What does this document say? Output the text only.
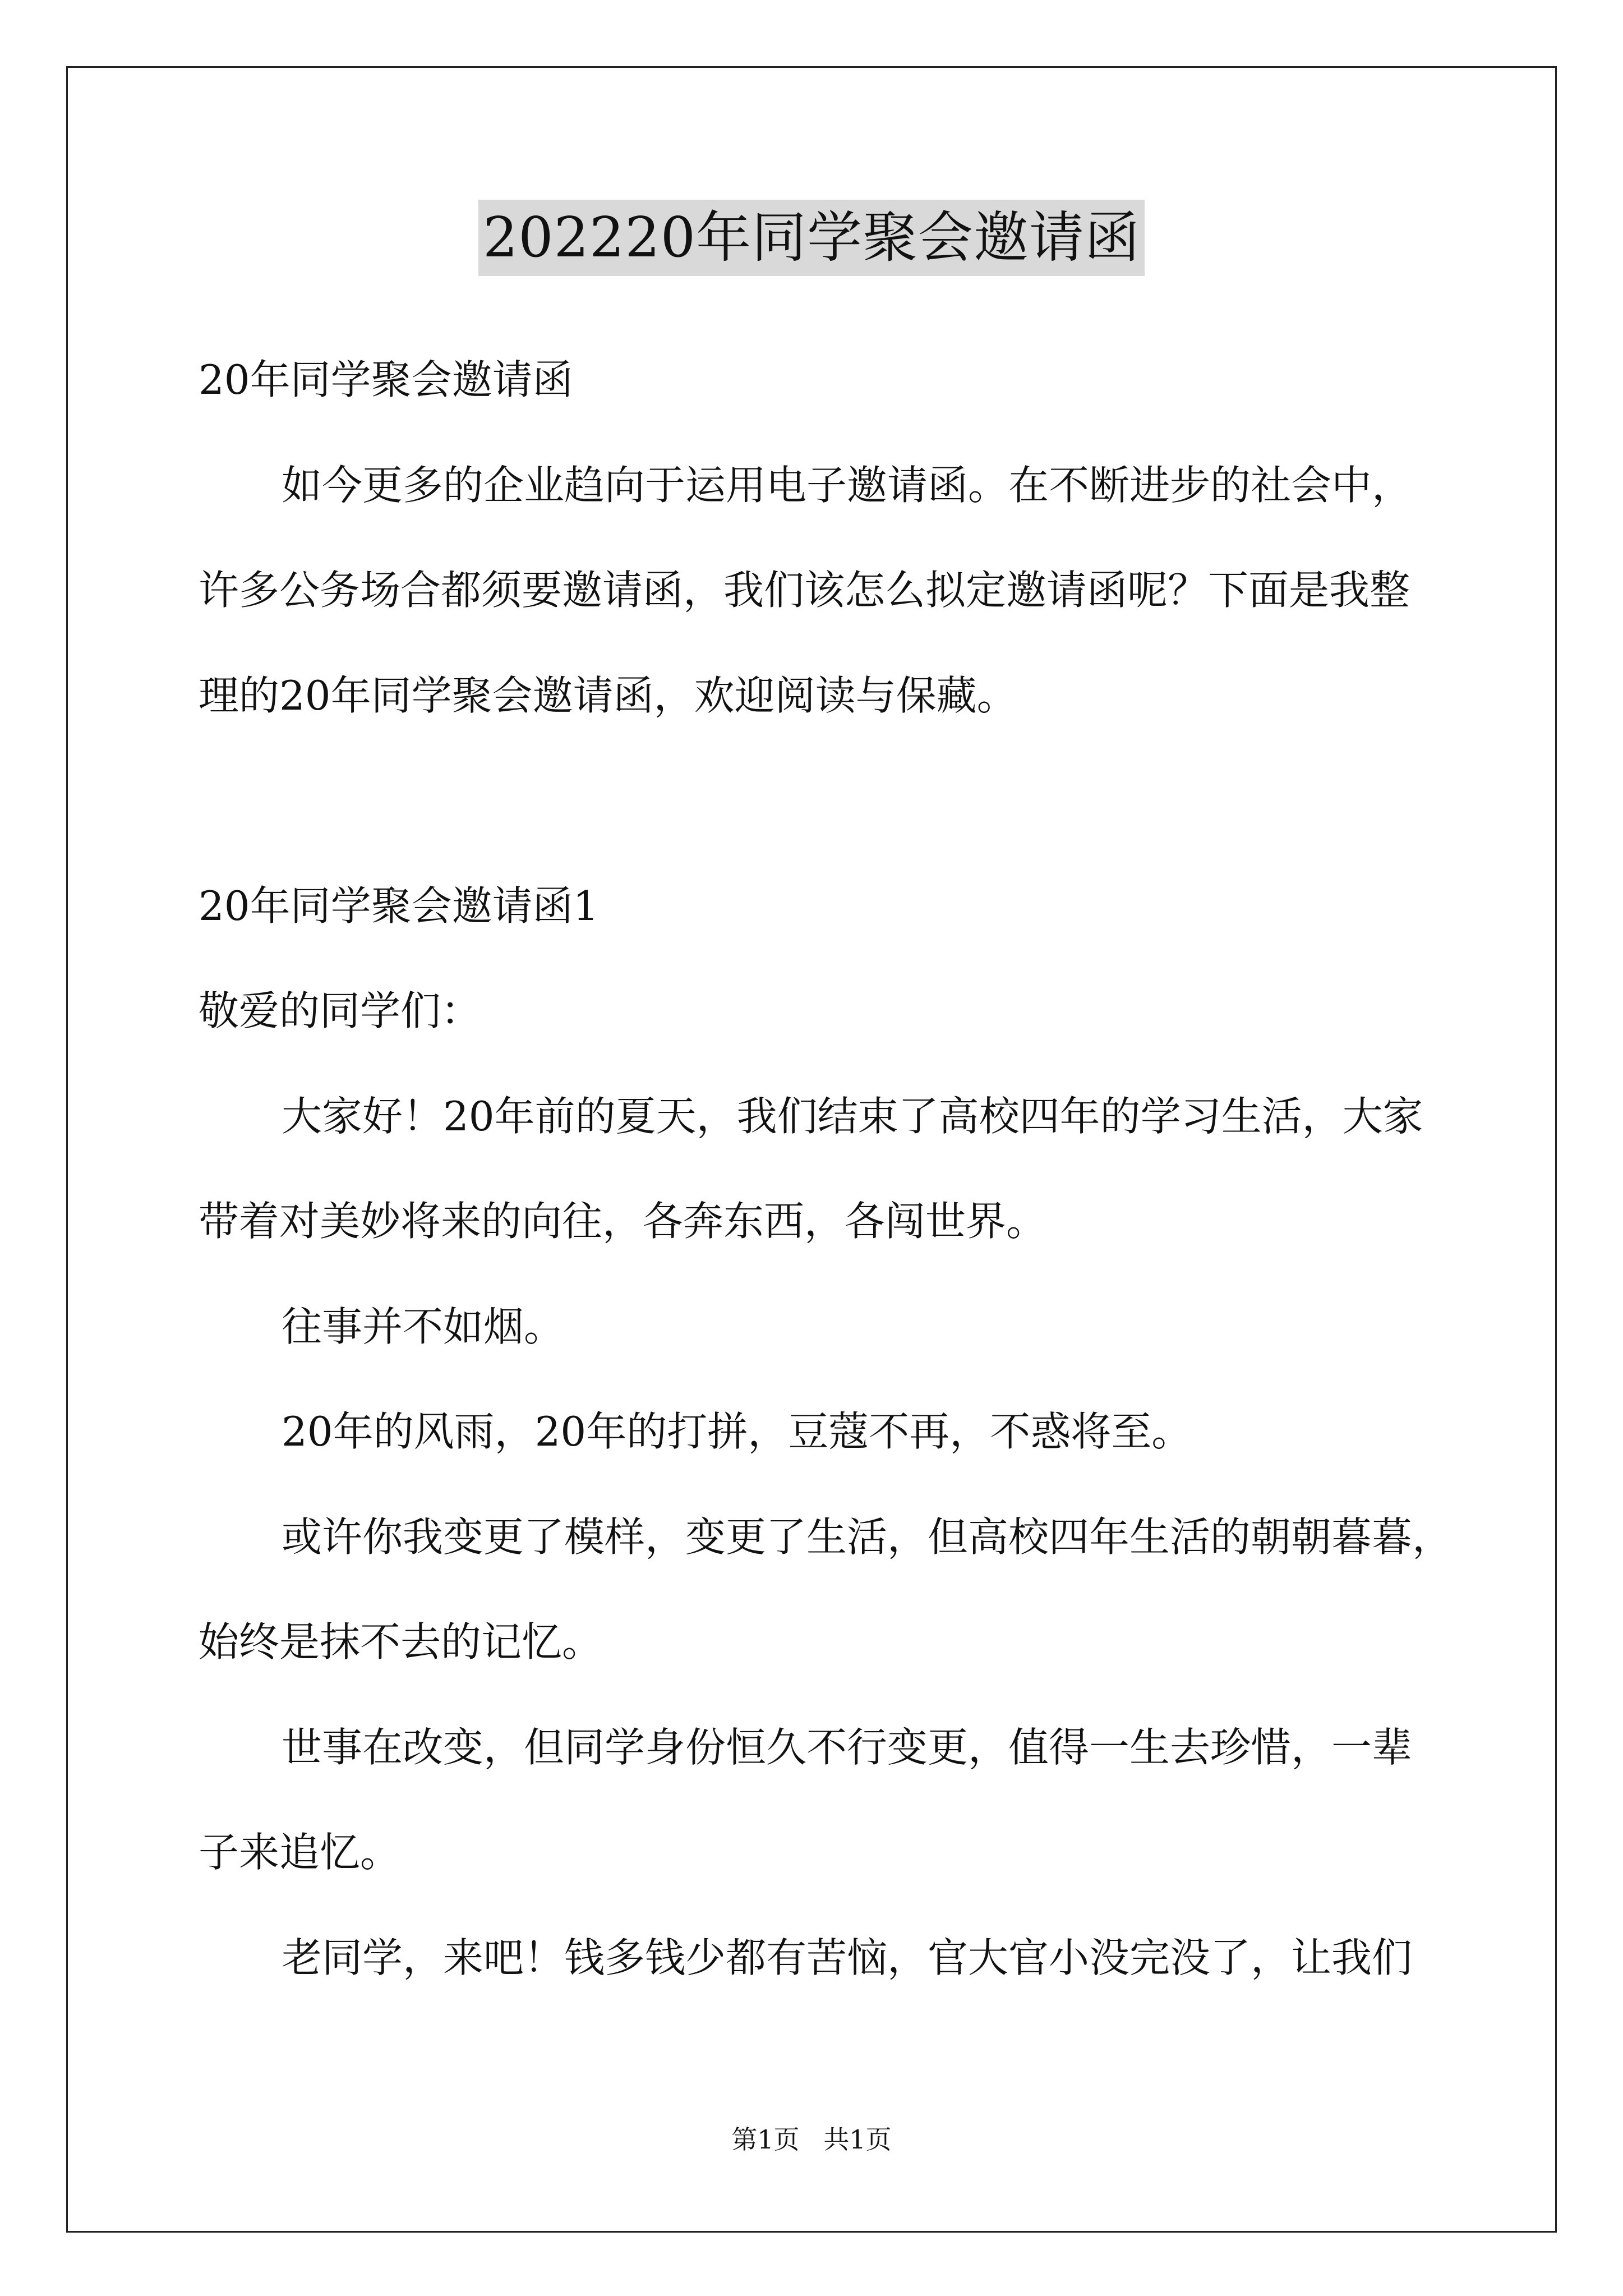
202220年同学聚会邀请函
20年同学聚会邀请函
如今更多的企业趋向于运用电子邀请函。在不断进步的社会中，
许多公务场合都须要邀请函，我们该怎么拟定邀请函呢？下面是我整
理的20年同学聚会邀请函，欢迎阅读与保藏。
20年同学聚会邀请函1
敬爱的同学们：
大家好！20年前的夏天，我们结束了高校四年的学习生活，大家
带着对美妙将来的向往，各奔东西，各闯世界。
往事并不如烟。
20年的风雨，20年的打拼，豆蔻不再，不惑将至。
或许你我变更了模样，变更了生活，但高校四年生活的朝朝暮暮，
始终是抹不去的记忆。
世事在改变，但同学身份恒久不行变更，值得一生去珍惜，一辈
子来追忆。
老同学，来吧！钱多钱少都有苦恼，官大官小没完没了，让我们
第1页 共1页
